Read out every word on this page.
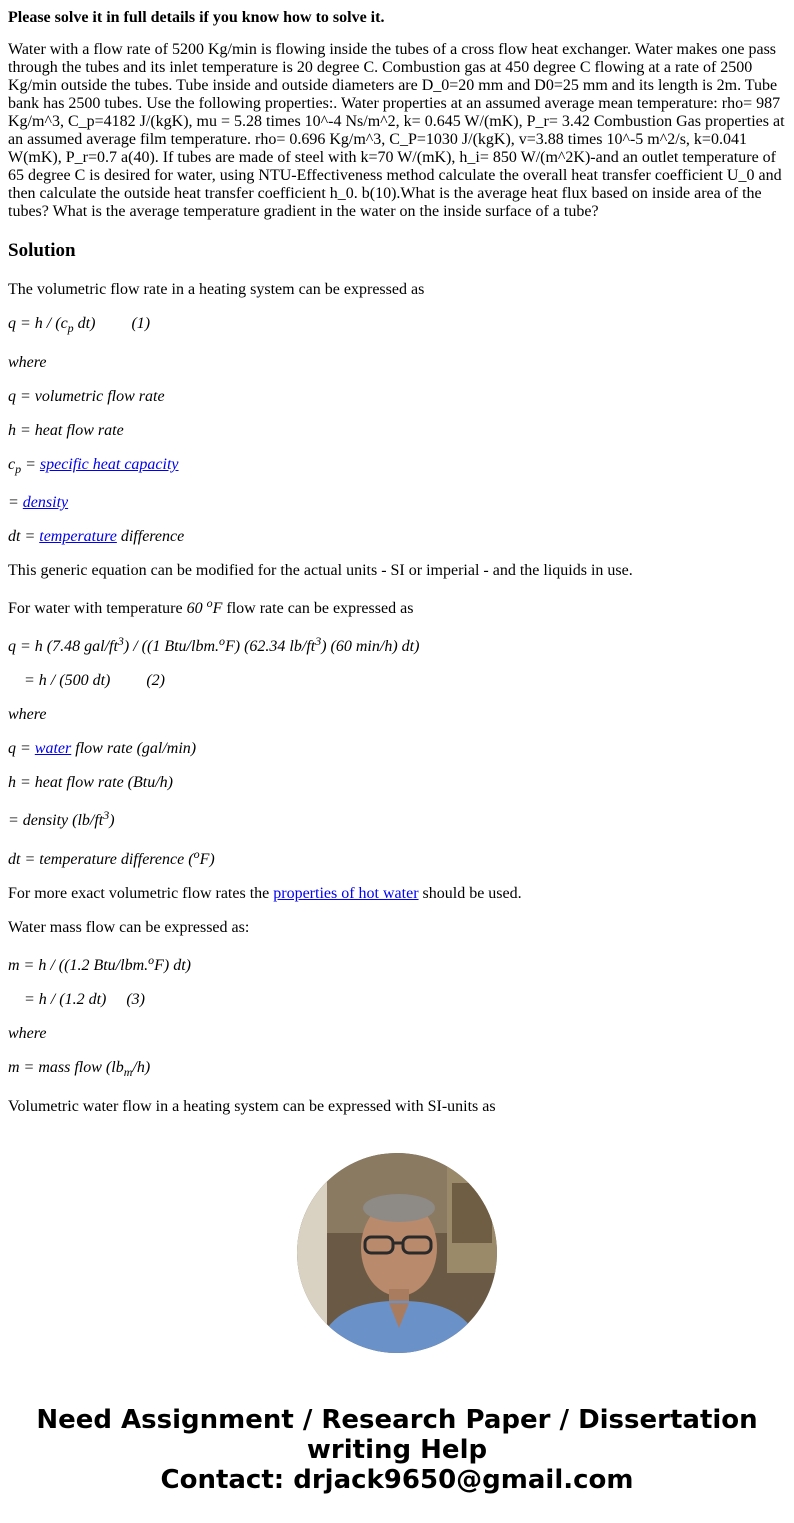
Please solve it in full details if you know how to solve it.
Water with a flow rate of 5200 Kg/min is flowing inside the tubes of a cross flow heat exchanger. Water makes one pass through the tubes and its inlet temperature is 20 degree C. Combustion gas at 450 degree C flowing at a rate of 2500 Kg/min outside the tubes. Tube inside and outside diameters are D_0=20 mm and D0=25 mm and its length is 2m. Tube bank has 2500 tubes. Use the following properties:. Water properties at an assumed average mean temperature: rho= 987 Kg/m^3, C_p=4182 J/(kgK), mu = 5.28 times 10^-4 Ns/m^2, k= 0.645 W/(mK), P_r= 3.42 Combustion Gas properties at an assumed average film temperature. rho= 0.696 Kg/m^3, C_P=1030 J/(kgK), v=3.88 times 10^-5 m^2/s, k=0.041 W(mK), P_r=0.7 a(40). If tubes are made of steel with k=70 W/(mK), h_i= 850 W/(m^2K)-and an outlet temperature of 65 degree C is desired for water, using NTU-Effectiveness method calculate the overall heat transfer coefficient U_0 and then calculate the outside heat transfer coefficient h_0. b(10).What is the average heat flux based on inside area of the tubes? What is the average temperature gradient in the water on the inside surface of a tube?
Solution
The volumetric flow rate in a heating system can be expressed as
$q = h / (c_p$ dt) (1)
where
q = volumetric flow rate
h = heat flow rate
$c_p$ = specific heat capacity
= density
dt = temperature difference
This generic equation can be modified for the actual units - SI or imperial - and the liquids in use.
For water with temperature 60 $^o$F flow rate can be expressed as
q = h (7.48 gal/$ft^3) / ((1$ Btu/lbm.$^o$F) (62.34 $lb/ft^3$) (60 min/h) dt)
= h / (500 dt) (2)
where
q = water flow rate (gal/min)
h = heat flow rate (Btu/h)
= density $(lb/ft^3)$
dt = temperature difference ($^o$F)
For more exact volumetric flow rates the properties of hot water should be used.
Water mass flow can be expressed as:
m = h / ((1.2 Btu/lbm.$^o$F) dt)
= h / (1.2 dt) (3)
where
m = mass flow $(lb_m/h)$
Volumetric water flow in a heating system can be expressed with SI-units as
Need Assignment / Research Paper / Dissertation
writing Help
Contact: drjack9650@gmail.com
